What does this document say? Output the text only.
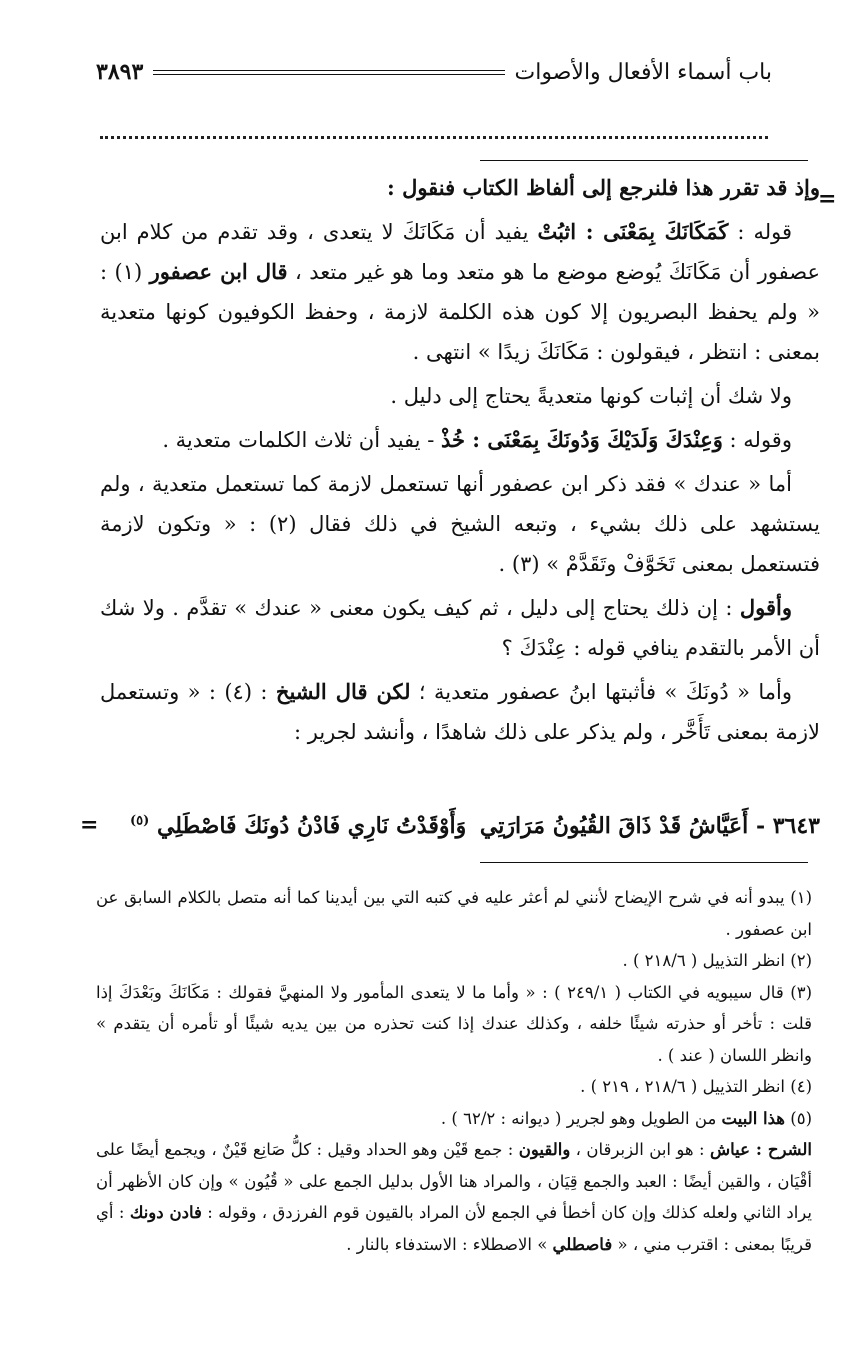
باب أسماء الأفعال والأصوات
٣٨٩٣
=
=

وإذ قد تقرر هذا فلنرجع إلى ألفاظ الكتاب فنقول :

قوله : كَمَكَانَكَ بِمَعْنَى : اثبُتْ يفيد أن مَكَانَكَ لا يتعدى ، وقد تقدم من كلام ابن عصفور أن مَكَانَكَ يُوضع موضع ما هو متعد وما هو غير متعد ، قال ابن عصفور (١) : « ولم يحفظ البصريون إلا كون هذه الكلمة لازمة ، وحفظ الكوفيون كونها متعدية بمعنى : انتظر ، فيقولون : مَكَانَكَ زيدًا » انتهى .

ولا شك أن إثبات كونها متعديةً يحتاج إلى دليل .

وقوله : وَعِنْدَكَ وَلَدَيْكَ وَدُونَكَ بِمَعْنَى : خُذْ - يفيد أن ثلاث الكلمات متعدية .

أما « عندك » فقد ذكر ابن عصفور أنها تستعمل لازمة كما تستعمل متعدية ، ولم يستشهد على ذلك بشيء ، وتبعه الشيخ في ذلك فقال (٢) : « وتكون لازمة فتستعمل بمعنى تَخَوَّفْ وتَقَدَّمْ » (٣) .

وأقول : إن ذلك يحتاج إلى دليل ، ثم كيف يكون معنى « عندك » تقدَّم . ولا شك أن الأمر بالتقدم ينافي قوله : عِنْدَكَ ؟

وأما « دُونَكَ » فأثبتها ابنُ عصفور متعدية ؛ لكن قال الشيخ : (٤) : « وتستعمل لازمة بمعنى تَأَخَّر ، ولم يذكر على ذلك شاهدًا ، وأنشد لجرير :

٣٦٤٣ - أَعَيَّاشُ قَدْ ذَاقَ القُيُونُ مَرَارَتِي
وَأَوْقَدْتُ نَارِي فَادْنُ دُونَكَ فَاصْطَلِي $^{(٥)}$

(١) يبدو أنه في شرح الإيضاح لأنني لم أعثر عليه في كتبه التي بين أيدينا كما أنه متصل بالكلام السابق عن ابن عصفور .

(٢) انظر التذييل ( ٢١٨/٦ ) .

(٣) قال سيبويه في الكتاب ( ٢٤٩/١ ) : « وأما ما لا يتعدى المأمور ولا المنهيَّ فقولك : مَكَانَكَ وبَعْدَكَ إذا قلت : تأخر أو حذرته شيئًا خلفه ، وكذلك عندك إذا كنت تحذره من بين يديه شيئًا أو تأمره أن يتقدم » وانظر اللسان ( عند ) .

(٤) انظر التذييل ( ٢١٨/٦ ، ٢١٩ ) .

(٥) هذا البيت من الطويل وهو لجرير ( ديوانه : ٦٢/٢ ) .

الشرح : عياش : هو ابن الزبرقان ، والقيون : جمع قَيْن وهو الحداد وقيل : كلُّ صَانِع قَيْنٌ ، ويجمع أيضًا على أقْيَان ، والقين أيضًا : العبد والجمع قِيَان ، والمراد هنا الأول بدليل الجمع على « قُيُون » وإن كان الأظهر أن يراد الثاني ولعله كذلك وإن كان أخطأ في الجمع لأن المراد بالقيون قوم الفرزدق ، وقوله : فادن دونك : أي قريبًا بمعنى : اقترب مني ، « فاصطلي » الاصطلاء : الاستدفاء بالنار .
